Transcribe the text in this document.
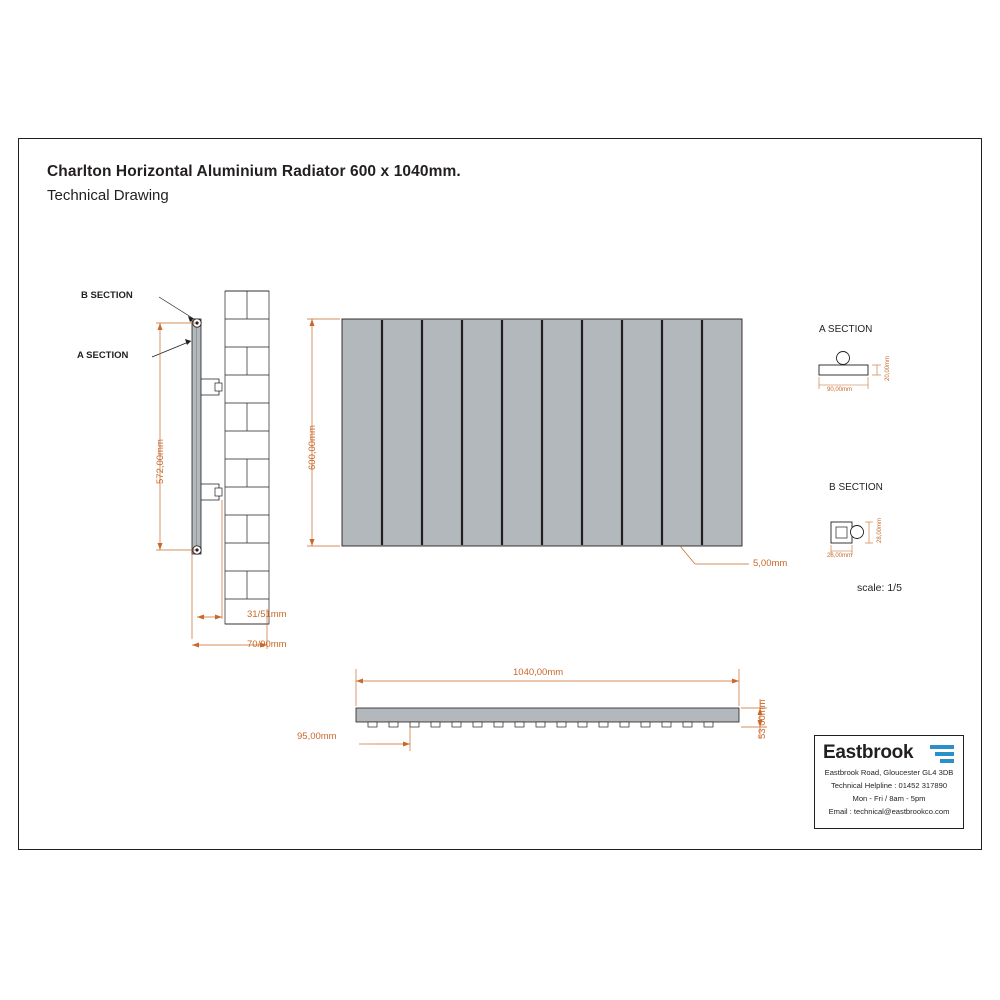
Charlton Horizontal Aluminium Radiator 600 x 1040mm.
Technical Drawing
B SECTION
A SECTION
572,00mm
31/51mm
70/90mm
600,00mm
5,00mm
1040,00mm
95,00mm	53,00mm
A SECTION
90,00mm
20,00mm
B SECTION
28,00mm
28,00mm
scale: 1/5
Eastbrook
Eastbrook Road, Gloucester GL4 3DB
Technical Helpline : 01452 317890
Mon - Fri / 8am - 5pm
Email : technical@eastbrookco.com
